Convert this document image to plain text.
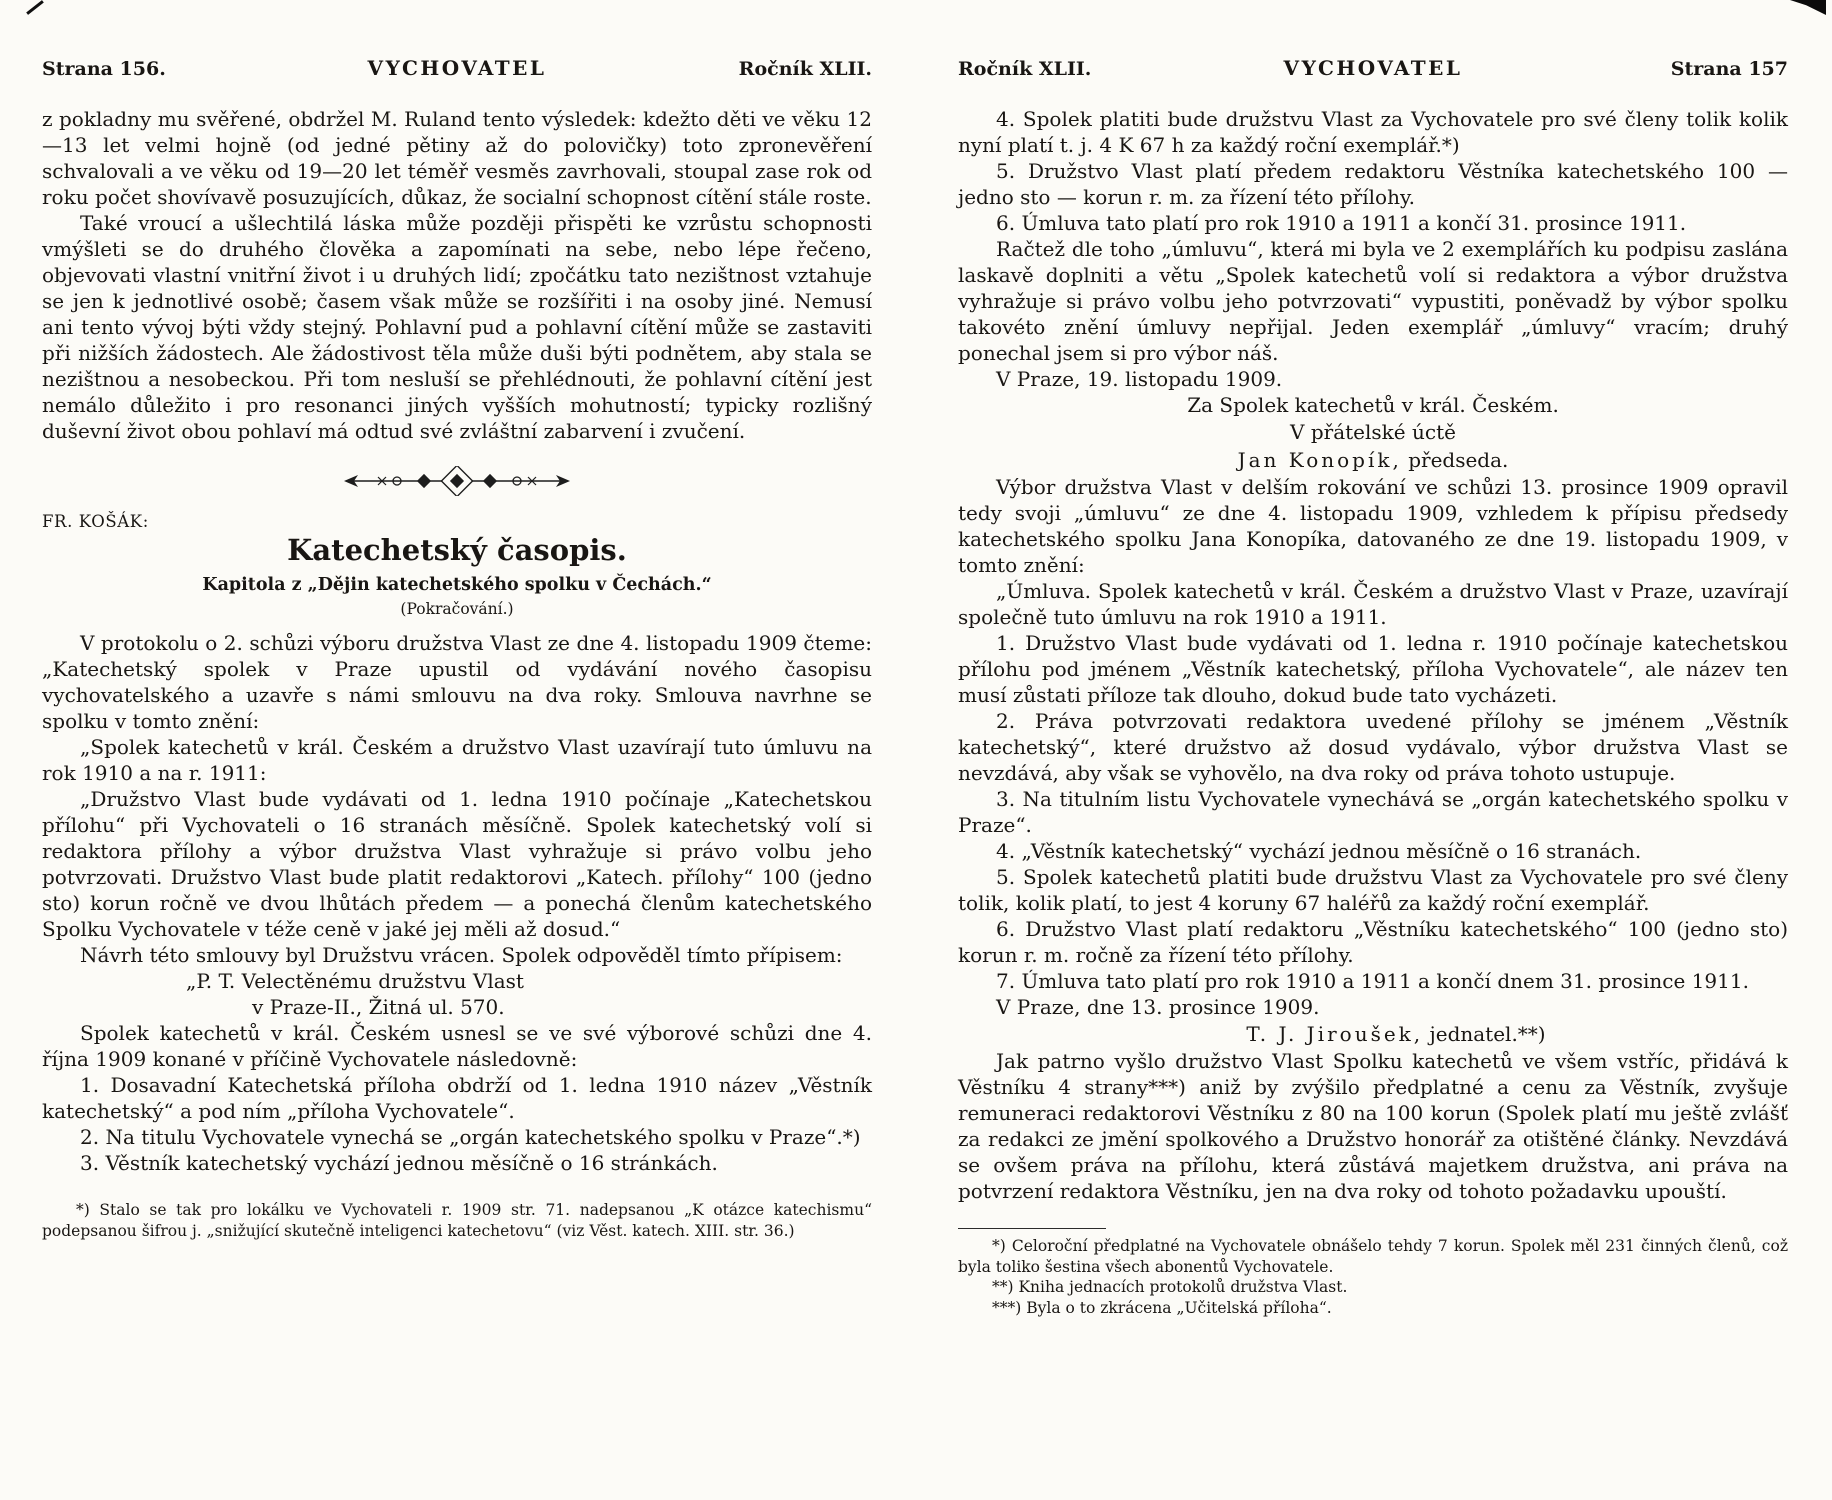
Strana 156.	VYCHOVATEL	Ročník XLII.

z pokladny mu svěřené, obdržel M. Ruland tento výsledek: kdežto děti ve věku 12—13 let velmi hojně (od jedné pětiny až do polovičky) toto zpronevěření schvalovali a ve věku od 19—20 let téměř vesměs zavrhovali, stoupal zase rok od roku počet shovívavě posuzujících, důkaz, že socialní schopnost cítění stále roste.

Také vroucí a ušlechtilá láska může později přispěti ke vzrůstu schopnosti vmýšleti se do druhého člověka a zapomínati na sebe, nebo lépe řečeno, objevovati vlastní vnitřní život i u druhých lidí; zpočátku tato nezištnost vztahuje se jen k jednotlivé osobě; časem však může se rozšířiti i na osoby jiné. Nemusí ani tento vývoj býti vždy stejný. Pohlavní pud a pohlavní cítění může se zastaviti při nižších žádostech. Ale žádostivost těla může duši býti podnětem, aby stala se nezištnou a nesobeckou. Při tom nesluší se přehlédnouti, že pohlavní cítění jest nemálo důležito i pro resonanci jiných vyšších mohutností; typicky rozlišný duševní život obou pohlaví má odtud své zvláštní zabarvení i zvučení.

FR. KOŠÁK:
Katechetský časopis.
Kapitola z „Dějin katechetského spolku v Čechách.“
(Pokračování.)

V protokolu o 2. schůzi výboru družstva Vlast ze dne 4. listopadu 1909 čteme: „Katechetský spolek v Praze upustil od vydávání nového časopisu vychovatelského a uzavře s námi smlouvu na dva roky. Smlouva navrhne se spolku v tomto znění:

„Spolek katechetů v král. Českém a družstvo Vlast uzavírají tuto úmluvu na rok 1910 a na r. 1911:

„Družstvo Vlast bude vydávati od 1. ledna 1910 počínaje „Katechetskou přílohu“ při Vychovateli o 16 stranách měsíčně. Spolek katechetský volí si redaktora přílohy a výbor družstva Vlast vyhražuje si právo volbu jeho potvrzovati. Družstvo Vlast bude platit redaktorovi „Katech. přílohy“ 100 (jedno sto) korun ročně ve dvou lhůtách předem — a ponechá členům katechetského Spolku Vychovatele v téže ceně v jaké jej měli až dosud.“

Návrh této smlouvy byl Družstvu vrácen. Spolek odpověděl tímto přípisem:

„P. T. Velectěnému družstvu Vlast

v Praze-II., Žitná ul. 570.

Spolek katechetů v král. Českém usnesl se ve své výborové schůzi dne 4. října 1909 konané v příčině Vychovatele následovně:

1. Dosavadní Katechetská příloha obdrží od 1. ledna 1910 název „Věstník katechetský“ a pod ním „příloha Vychovatele“.

2. Na titulu Vychovatele vynechá se „orgán katechetského spolku v Praze“.*)

3. Věstník katechetský vychází jednou měsíčně o 16 stránkách.

*) Stalo se tak pro lokálku ve Vychovateli r. 1909 str. 71. nadepsanou „K otázce katechismu“ podepsanou šifrou j. „snižující skutečně inteligenci katechetovu“ (viz Věst. katech. XIII. str. 36.)

Ročník XLII.	VYCHOVATEL	Strana 157

4. Spolek platiti bude družstvu Vlast za Vychovatele pro své členy tolik kolik nyní platí t. j. 4 K 67 h za každý roční exemplář.*)

5. Družstvo Vlast platí předem redaktoru Věstníka katechetského 100 — jedno sto — korun r. m. za řízení této přílohy.

6. Úmluva tato platí pro rok 1910 a 1911 a končí 31. prosince 1911.

Račtež dle toho „úmluvu“, která mi byla ve 2 exemplářích ku podpisu zaslána laskavě doplniti a větu „Spolek katechetů volí si redaktora a výbor družstva vyhražuje si právo volbu jeho potvrzovati“ vypustiti, poněvadž by výbor spolku takovéto znění úmluvy nepřijal. Jeden exemplář „úmluvy“ vracím; druhý ponechal jsem si pro výbor náš.

V Praze, 19. listopadu 1909.

Za Spolek katechetů v král. Českém.

V přátelské úctě

Jan Konopík, předseda.

Výbor družstva Vlast v delším rokování ve schůzi 13. prosince 1909 opravil tedy svoji „úmluvu“ ze dne 4. listopadu 1909, vzhledem k přípisu předsedy katechetského spolku Jana Konopíka, datovaného ze dne 19. listopadu 1909, v tomto znění:

„Úmluva. Spolek katechetů v král. Českém a družstvo Vlast v Praze, uzavírají společně tuto úmluvu na rok 1910 a 1911.

1. Družstvo Vlast bude vydávati od 1. ledna r. 1910 počínaje katechetskou přílohu pod jménem „Věstník katechetský, příloha Vychovatele“, ale název ten musí zůstati příloze tak dlouho, dokud bude tato vycházeti.

2. Práva potvrzovati redaktora uvedené přílohy se jménem „Věstník katechetský“, které družstvo až dosud vydávalo, výbor družstva Vlast se nevzdává, aby však se vyhovělo, na dva roky od práva tohoto ustupuje.

3. Na titulním listu Vychovatele vynechává se „orgán katechetského spolku v Praze“.

4. „Věstník katechetský“ vychází jednou měsíčně o 16 stranách.

5. Spolek katechetů platiti bude družstvu Vlast za Vychovatele pro své členy tolik, kolik platí, to jest 4 koruny 67 haléřů za každý roční exemplář.

6. Družstvo Vlast platí redaktoru „Věstníku katechetského“ 100 (jedno sto) korun r. m. ročně za řízení této přílohy.

7. Úmluva tato platí pro rok 1910 a 1911 a končí dnem 31. prosince 1911.

V Praze, dne 13. prosince 1909.

T. J. Jiroušek, jednatel.**)

Jak patrno vyšlo družstvo Vlast Spolku katechetů ve všem vstříc, přidává k Věstníku 4 strany***) aniž by zvýšilo předplatné a cenu za Věstník, zvyšuje remuneraci redaktorovi Věstníku z 80 na 100 korun (Spolek platí mu ještě zvlášť za redakci ze jmění spolkového a Družstvo honorář za otištěné články. Nevzdává se ovšem práva na přílohu, která zůstává majetkem družstva, ani práva na potvrzení redaktora Věstníku, jen na dva roky od tohoto požadavku upouští.

*) Celoroční předplatné na Vychovatele obnášelo tehdy 7 korun. Spolek měl 231 činných členů, což byla toliko šestina všech abonentů Vychovatele.

**) Kniha jednacích protokolů družstva Vlast.

***) Byla o to zkrácena „Učitelská příloha“.
